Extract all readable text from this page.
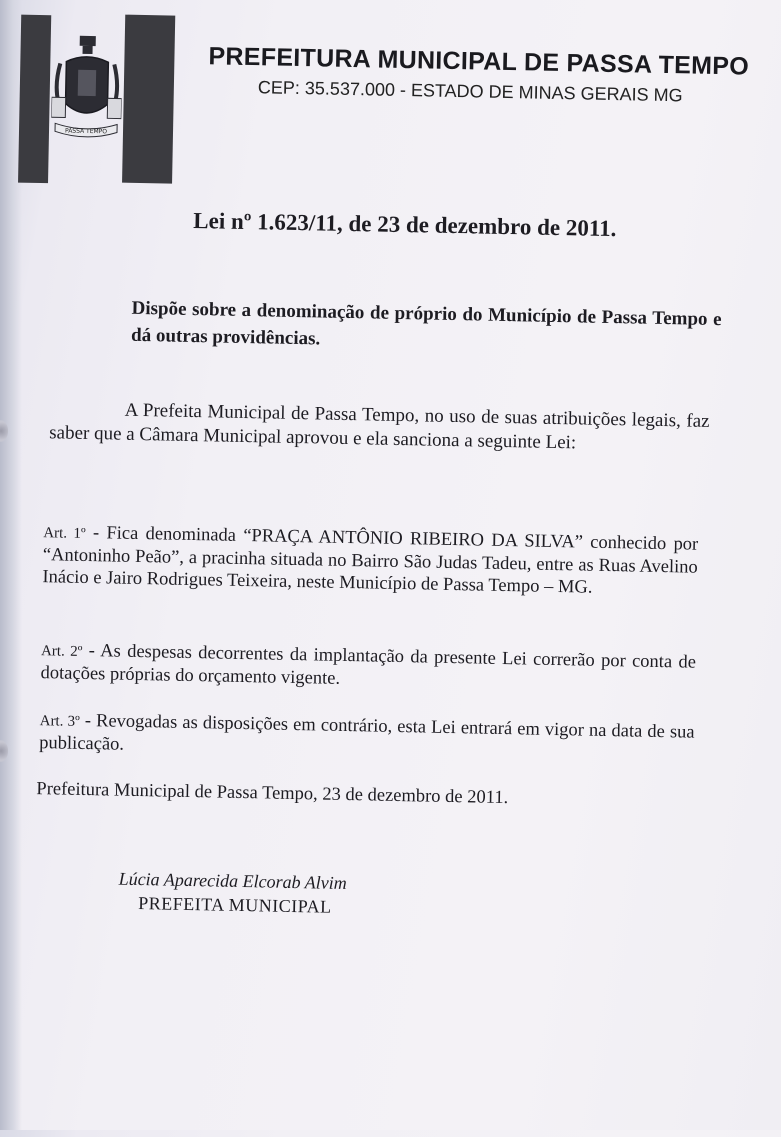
PASSA TEMPO
PREFEITURA MUNICIPAL DE PASSA TEMPO
CEP: 35.537.000 - ESTADO DE MINAS GERAIS MG
Lei nº 1.623/11, de 23 de dezembro de 2011.
Dispõe sobre a denominação de próprio do Município de Passa Tempo e dá outras providências.
A Prefeita Municipal de Passa Tempo, no uso de suas atribuições legais, faz saber que a Câmara Municipal aprovou e ela sanciona a seguinte Lei:
Art. 1º - Fica denominada “PRAÇA ANTÔNIO RIBEIRO DA SILVA” conhecido por “Antoninho Peão”, a pracinha situada no Bairro São Judas Tadeu, entre as Ruas Avelino Inácio e Jairo Rodrigues Teixeira, neste Município de Passa Tempo – MG.
Art. 2º - As despesas decorrentes da implantação da presente Lei correrão por conta de dotações próprias do orçamento vigente.
Art. 3º - Revogadas as disposições em contrário, esta Lei entrará em vigor na data de sua publicação.
Prefeitura Municipal de Passa Tempo, 23 de dezembro de 2011.
Lúcia Aparecida Elcorab Alvim
PREFEITA MUNICIPAL
